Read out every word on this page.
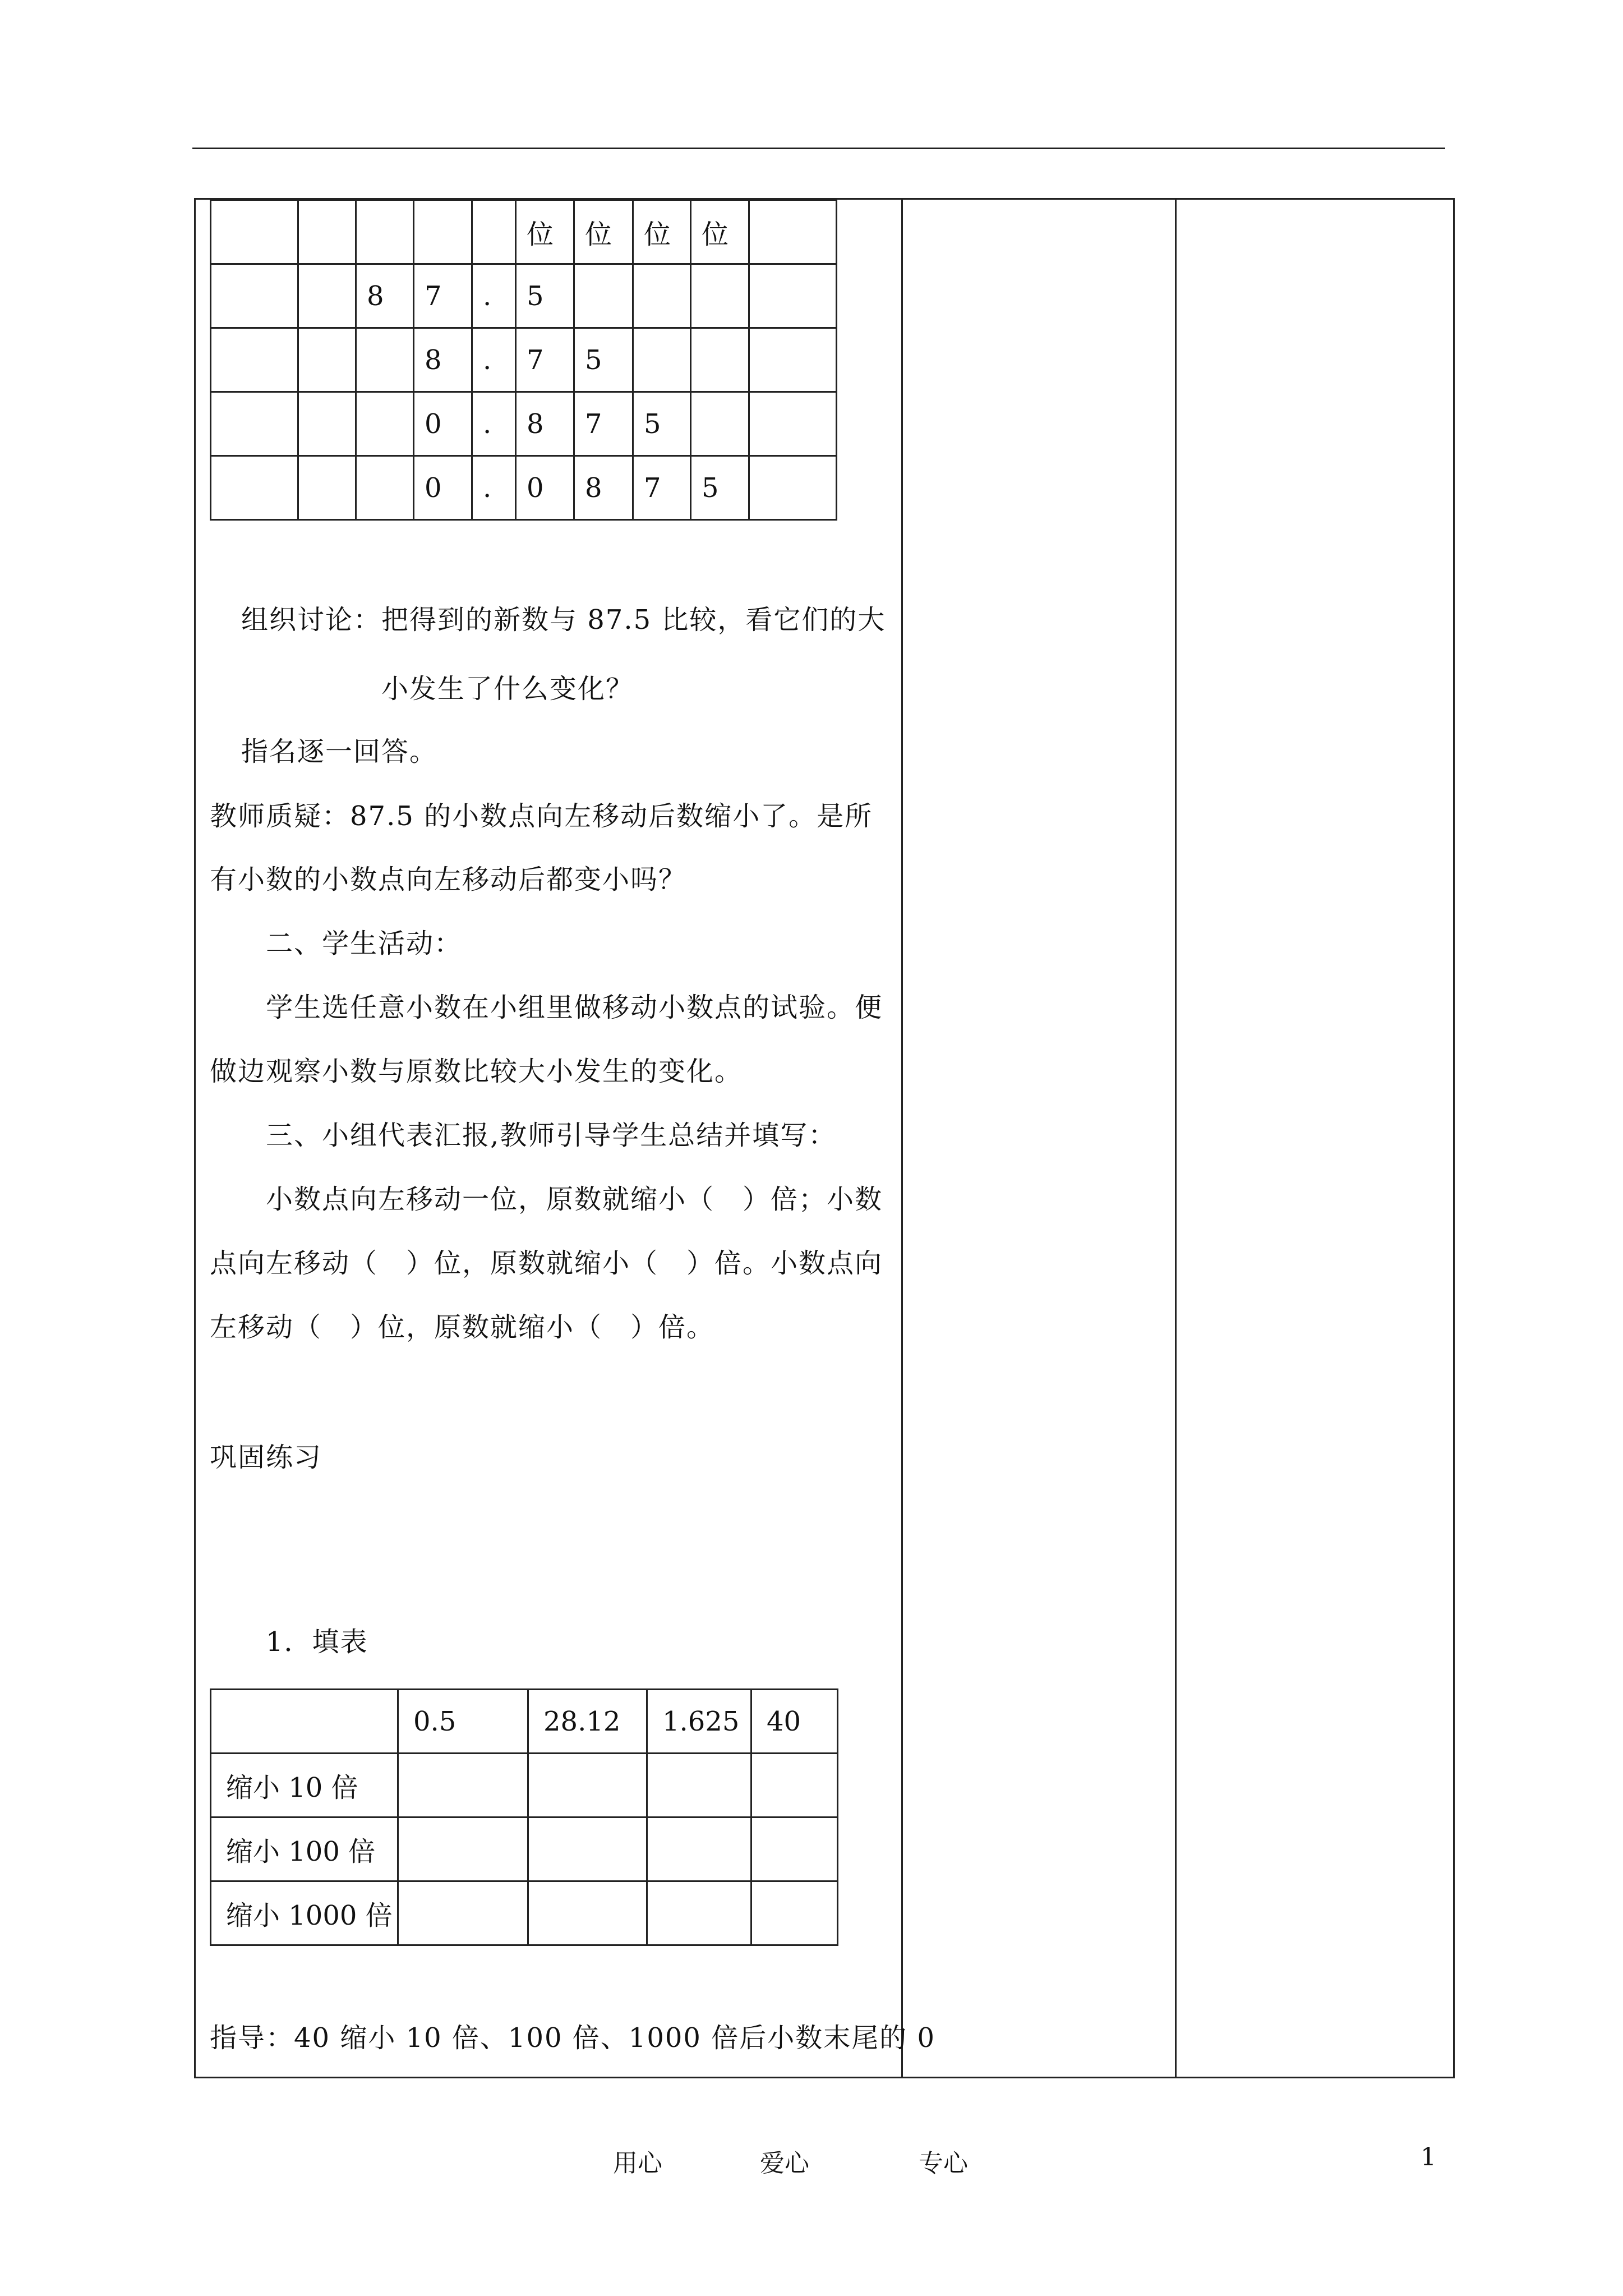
					位	位	位	位	
		8	7	.	5				
			8	.	7	5			
			0	.	8	7	5		
			0	.	0	8	7	5	
组织讨论：把得到的新数与 87.5 比较，看它们的大
小发生了什么变化？
指名逐一回答。
教师质疑：87.5 的小数点向左移动后数缩小了。是所
有小数的小数点向左移动后都变小吗？
二、学生活动：
学生选任意小数在小组里做移动小数点的试验。便
做边观察小数与原数比较大小发生的变化。
三、小组代表汇报,教师引导学生总结并填写：
小数点向左移动一位，原数就缩小（　）倍；小数
点向左移动（　）位，原数就缩小（　）倍。小数点向
左移动（　）位，原数就缩小（　）倍。
巩固练习
1．填表
	0.5	28.12	1.625	40
缩小 10 倍				
缩小 100 倍				
缩小 1000 倍				
指导：40 缩小 10 倍、100 倍、1000 倍后小数末尾的 0
用心	爱心	专心	1
